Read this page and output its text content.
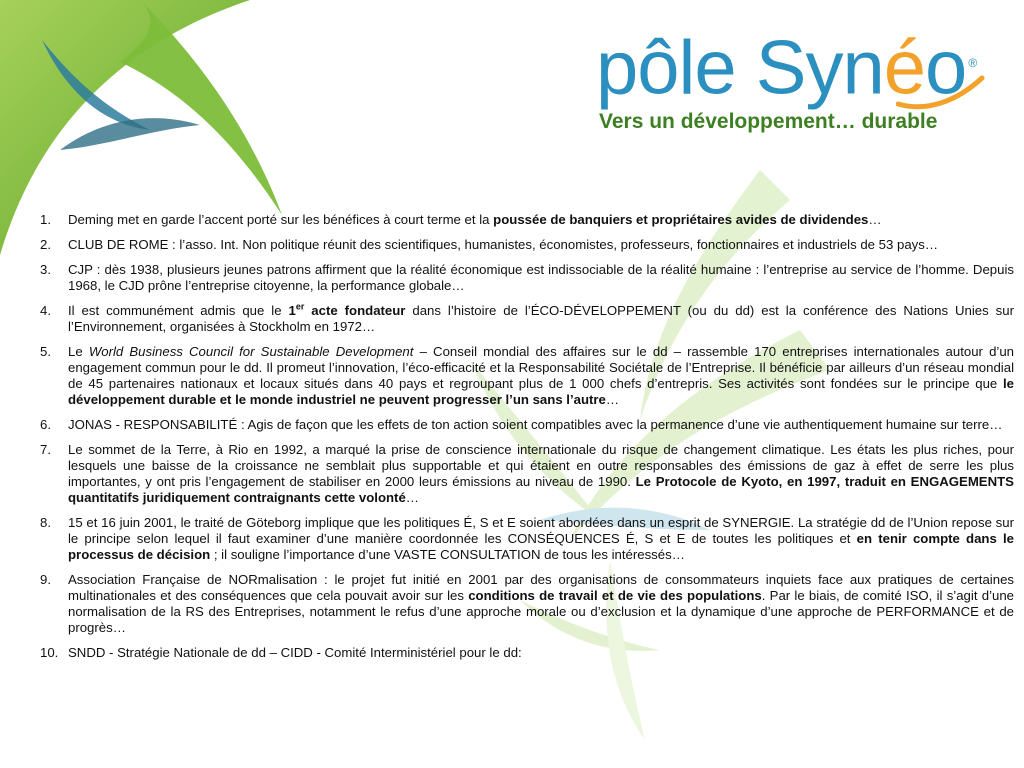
pôle Synéo ®
Vers un développement… durable
1.	Deming met en garde l’accent porté sur les bénéfices à court terme et la poussée de banquiers et propriétaires avides de dividendes…
2.	CLUB DE ROME : l’asso. Int. Non politique réunit des scientifiques, humanistes, économistes, professeurs, fonctionnaires et industriels de 53 pays…
3.	CJP : dès 1938, plusieurs jeunes patrons affirment que la réalité économique est indissociable de la réalité humaine : l’entreprise au service de l’homme. Depuis 1968, le CJD prône l’entreprise citoyenne, la performance globale…
4.	Il est communément admis que le 1er acte fondateur dans l’histoire de l’ÉCO-DÉVELOPPEMENT (ou du dd) est la conférence des Nations Unies sur l’Environnement, organisées à Stockholm en 1972…
5.	Le World Business Council for Sustainable Development – Conseil mondial des affaires sur le dd – rassemble 170 entreprises internationales autour d’un engagement commun pour le dd. Il promeut l’innovation, l’éco-efficacité et la Responsabilité Sociétale de l’Entreprise. Il bénéficie par ailleurs d’un réseau mondial de 45 partenaires nationaux et locaux situés dans 40 pays et regroupant plus de 1 000 chefs d’entrepris. Ses activités sont fondées sur le principe que le développement durable et le monde industriel ne peuvent progresser l’un sans l’autre…
6.	JONAS - RESPONSABILITÉ : Agis de façon que les effets de ton action soient compatibles avec la permanence d’une vie authentiquement humaine sur terre…
7.	Le sommet de la Terre, à Rio en 1992, a marqué la prise de conscience internationale du risque de changement climatique. Les états les plus riches, pour lesquels une baisse de la croissance ne semblait plus supportable et qui étaient en outre responsables des émissions de gaz à effet de serre les plus importantes, y ont pris l’engagement de stabiliser en 2000 leurs émissions au niveau de 1990. Le Protocole de Kyoto, en 1997, traduit en ENGAGEMENTS quantitatifs juridiquement contraignants cette volonté…
8.	15 et 16 juin 2001, le traité de Göteborg implique que les politiques É, S et E soient abordées dans un esprit de SYNERGIE. La stratégie dd de l’Union repose sur le principe selon lequel il faut examiner d’une manière coordonnée les CONSÉQUENCES É, S et E de toutes les politiques et en tenir compte dans le processus de décision ; il souligne l’importance d’une VASTE CONSULTATION de tous les intéressés…
9.	Association Française de NORmalisation : le projet fut initié en 2001 par des organisations de consommateurs inquiets face aux pratiques de certaines multinationales et des conséquences que cela pouvait avoir sur les conditions de travail et de vie des populations. Par le biais, de comité ISO, il s’agit d’une normalisation de la RS des Entreprises, notamment le refus d’une approche morale ou d’exclusion et la dynamique d’une approche de PERFORMANCE et de progrès…
10. SNDD - Stratégie Nationale de dd – CIDD - Comité Interministériel pour le dd:
